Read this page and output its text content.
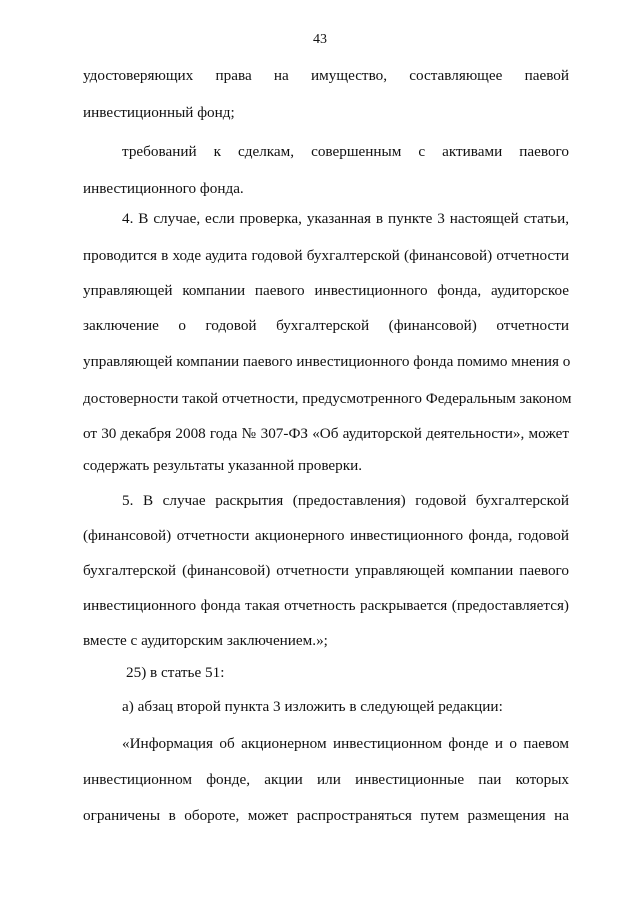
43
удостоверяющих права на имущество, составляющее паевой
инвестиционный фонд;
требований к сделкам, совершенным с активами паевого
инвестиционного фонда.
4. В случае, если проверка, указанная в пункте 3 настоящей статьи,
проводится в ходе аудита годовой бухгалтерской (финансовой) отчетности
управляющей компании паевого инвестиционного фонда, аудиторское
заключение о годовой бухгалтерской (финансовой) отчетности
управляющей компании паевого инвестиционного фонда помимо мнения о
достоверности такой отчетности, предусмотренного Федеральным законом
от 30 декабря 2008 года № 307-ФЗ «Об аудиторской деятельности», может
содержать результаты указанной проверки.
5. В случае раскрытия (предоставления) годовой бухгалтерской
(финансовой) отчетности акционерного инвестиционного фонда, годовой
бухгалтерской (финансовой) отчетности управляющей компании паевого
инвестиционного фонда такая отчетность раскрывается (предоставляется)
вместе с аудиторским заключением.»;
25) в статье 51:
а) абзац второй пункта 3 изложить в следующей редакции:
«Информация об акционерном инвестиционном фонде и о паевом
инвестиционном фонде, акции или инвестиционные паи которых
ограничены в обороте, может распространяться путем размещения на
